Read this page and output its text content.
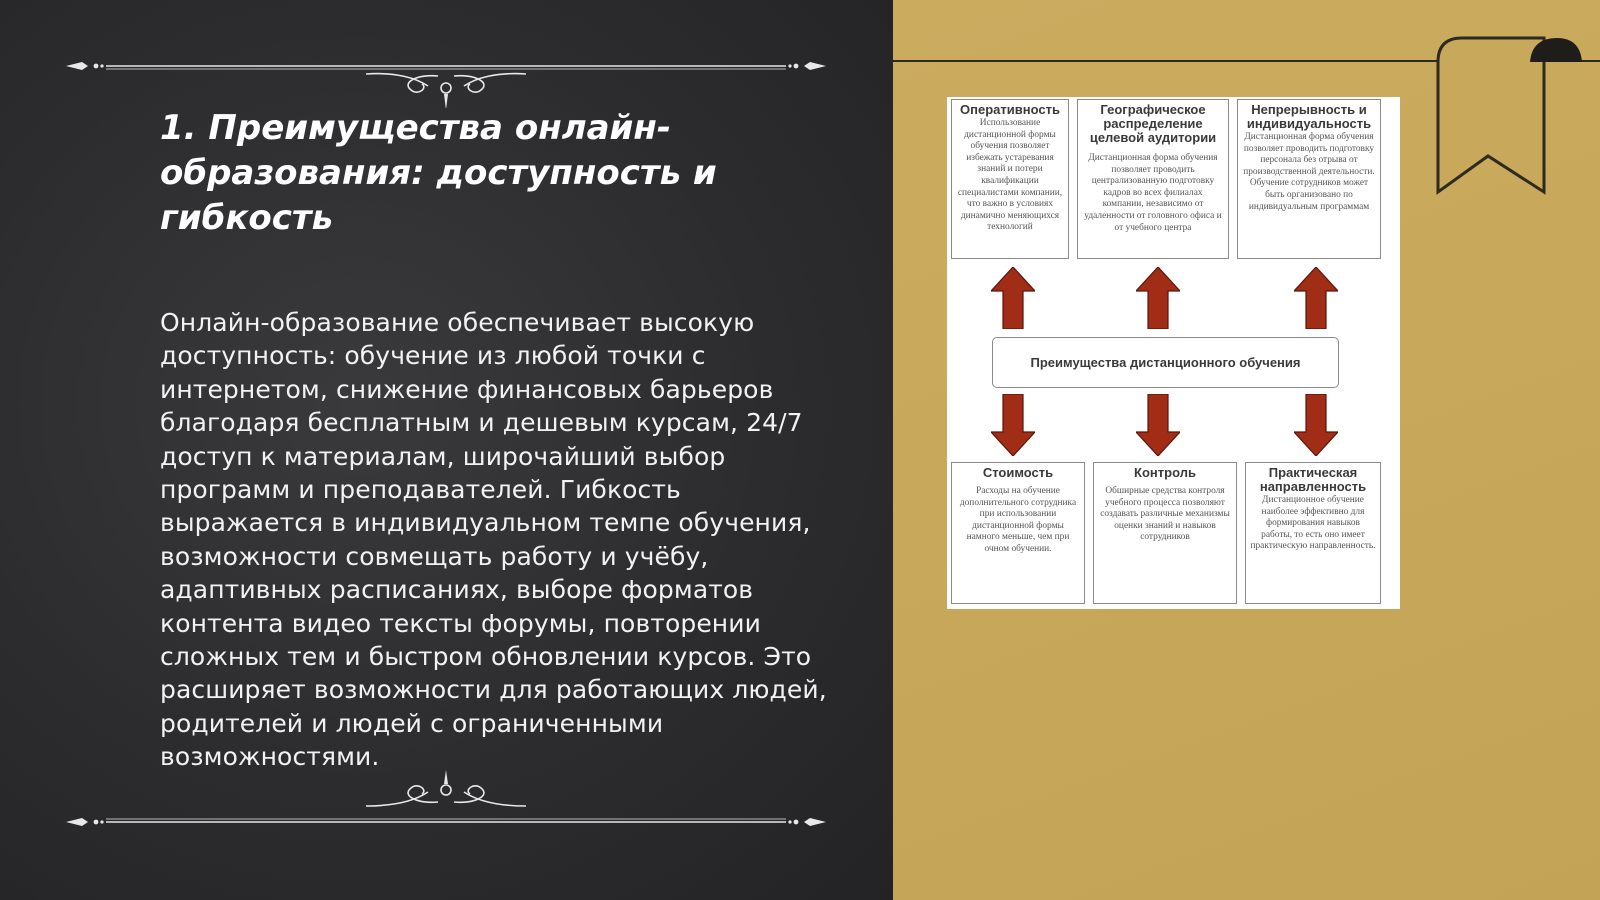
1. Преимущества онлайн-образования: доступность и гибкость
Онлайн-образование обеспечивает высокую доступность: обучение из любой точки с интернетом, снижение финансовых барьеров благодаря бесплатным и дешевым курсам, 24/7 доступ к материалам, широчайший выбор программ и преподавателей. Гибкость выражается в индивидуальном темпе обучения, возможности совмещать работу и учёбу, адаптивных расписаниях, выборе форматов контента видео тексты форумы, повторении сложных тем и быстром обновлении курсов. Это расширяет возможности для работающих людей, родителей и людей с ограниченными возможностями.
Оперативность
Использование дистанционной формы обучения позволяет избежать устаревания знаний и потери квалификации специалистами компании, что важно в условиях динамично меняющихся технологий
Географическое распределение целевой аудитории
Дистанционная форма обучения позволяет проводить централизованную подготовку кадров во всех филиалах компании, независимо от удаленности от головного офиса и от учебного центра
Непрерывность и индивидуальность
Дистанционная форма обучения позволяет проводить подготовку персонала без отрыва от производственной деятельности. Обучение сотрудников может быть организовано по индивидуальным программам
Преимущества дистанционного обучения
Стоимость
Расходы на обучение дополнительного сотрудника при использовании дистанционной формы намного меньше, чем при очном обучении.
Контроль
Обширные средства контроля учебного процесса позволяют создавать различные механизмы оценки знаний и навыков сотрудников
Практическая направленность
Дистанционное обучение наиболее эффективно для формирования навыков работы, то есть оно имеет практическую направленность.
